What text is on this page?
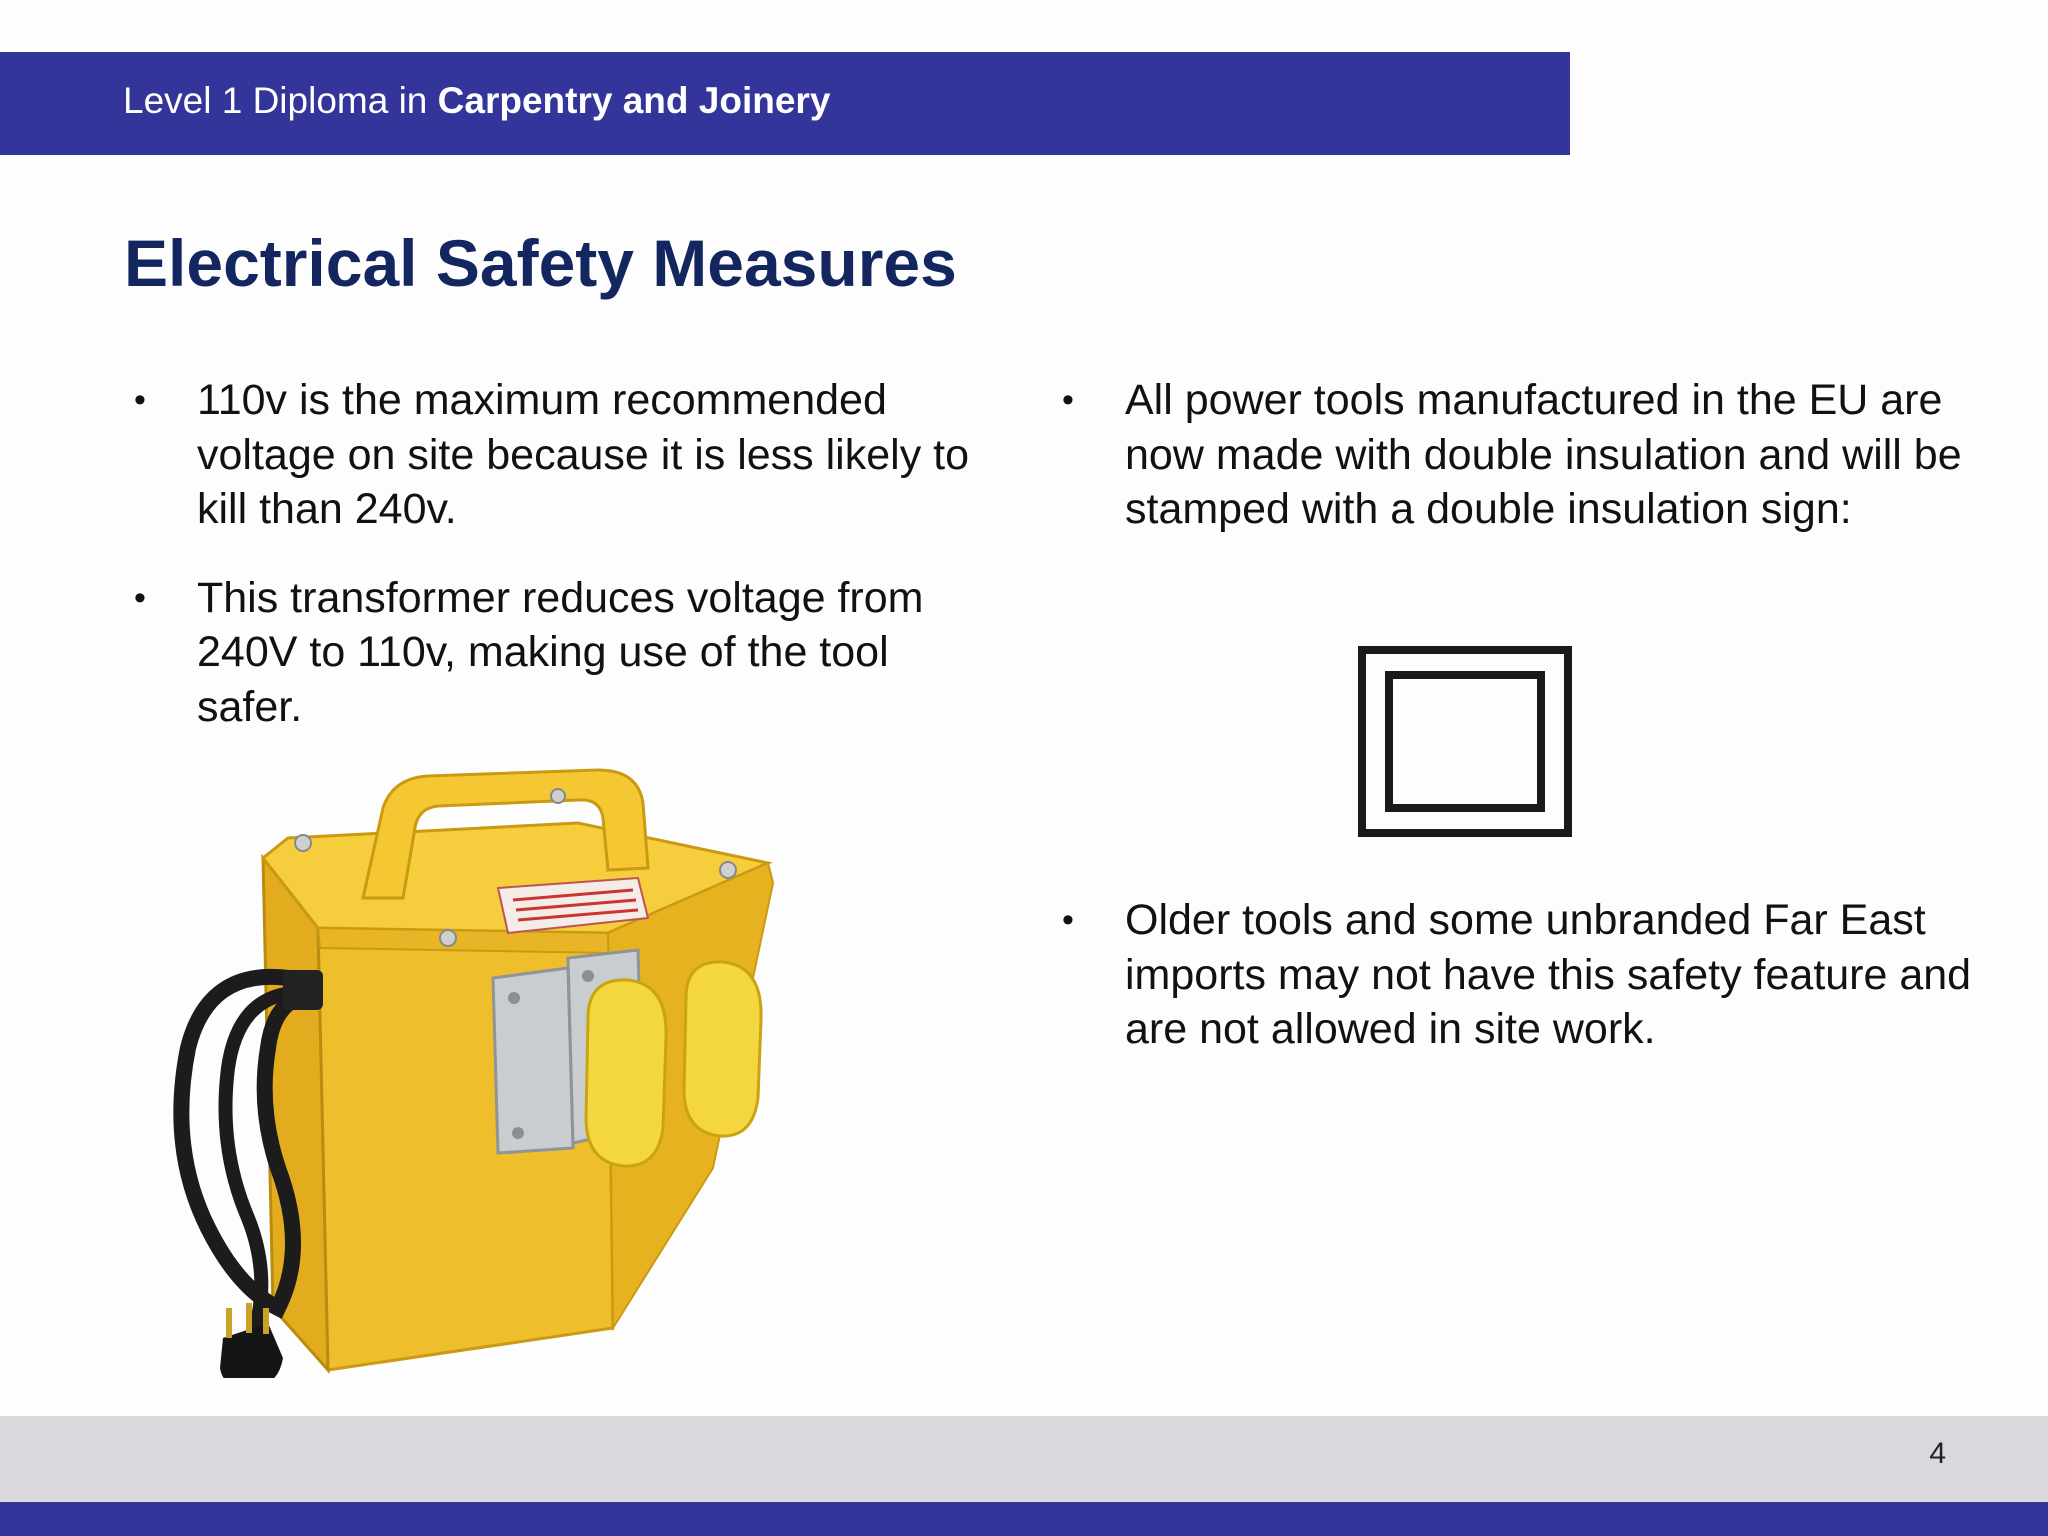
Level 1 Diploma in Carpentry and Joinery
Electrical Safety Measures
• 110v is the maximum recommended voltage on site because it is less likely to kill than 240v.
• This transformer reduces voltage from 240V to 110v, making use of the tool safer.
• All power tools manufactured in the EU are now made with double insulation and will be stamped with a double insulation sign:
• Older tools and some unbranded Far East imports may not have this safety feature and are not allowed in site work.
4
